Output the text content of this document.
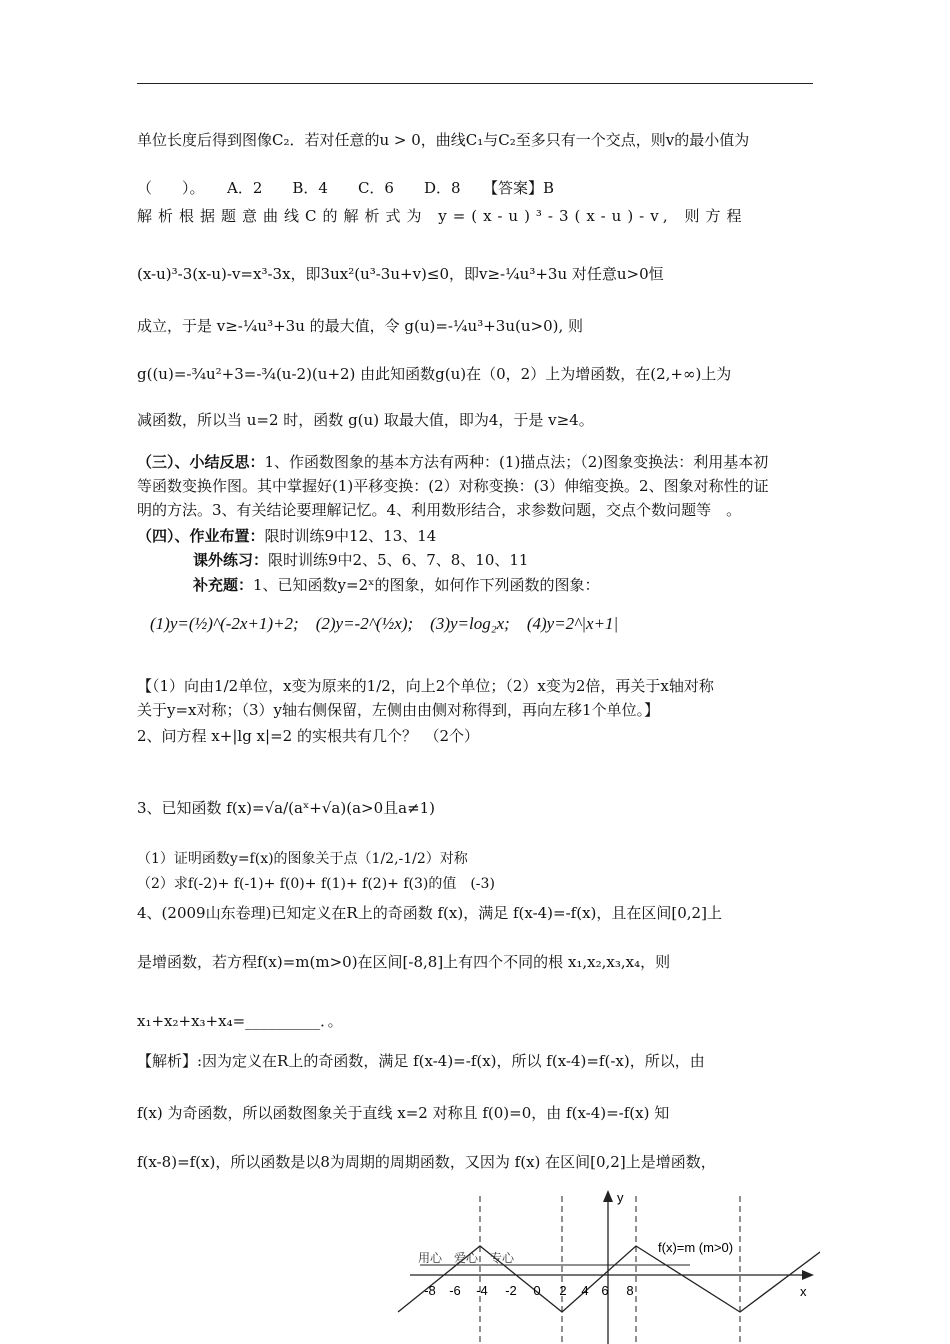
单位长度后得到图像C₂．若对任意的u > 0，曲线C₁与C₂至多只有一个交点，则v的最小值为
（　　）。　　A．2　　B．4　　C．6　　D．8　　【答案】B
解析根据题意曲线C的解析式为 y=(x-u)³-3(x-u)-v, 则方程
(x-u)³-3(x-u)-v=x³-3x，即3ux²(u³-3u+v)≤0，即v≥-¼u³+3u 对任意u>0恒
成立，于是 v≥-¼u³+3u 的最大值，令 g(u)=-¼u³+3u(u>0), 则
g((u)=-¾u²+3=-¾(u-2)(u+2) 由此知函数g(u)在（0，2）上为增函数，在(2,+∞)上为
减函数，所以当 u=2 时，函数 g(u) 取最大值，即为4，于是 v≥4。
（三）、小结反思：1、作函数图象的基本方法有两种：(1)描点法；（2)图象变换法：利用基本初
等函数变换作图。其中掌握好(1)平移变换：(2）对称变换：(3）伸缩变换。2、图象对称性的证
明的方法。3、有关结论要理解记忆。4、利用数形结合，求参数问题，交点个数问题等　。
（四）、作业布置：限时训练9中12、13、14
课外练习：限时训练9中2、5、6、7、8、10、11
补充题：1、已知函数y=2ˣ的图象，如何作下列函数的图象：
(1)y=(½)^(-2x+1)+2;　(2)y=-2^(½x);　(3)y=log₂x;　(4)y=2^|x+1|
【（1）向由1/2单位，x变为原来的1/2，向上2个单位；（2）x变为2倍，再关于x轴对称
关于y=x对称；（3）y轴右侧保留，左侧由由侧对称得到，再向左移1个单位。】
2、问方程 x+|lg x|=2 的实根共有几个？　（2个）
3、已知函数 f(x)=√a/(aˣ+√a)(a>0且a≠1)
（1）证明函数y=f(x)的图象关于点（1/2,-1/2）对称
（2）求f(-2)+ f(-1)+ f(0)+ f(1)+ f(2)+ f(3)的值　(-3)
4、(2009山东卷理)已知定义在R上的奇函数 f(x)，满足 f(x-4)=-f(x)，且在区间[0,2]上
是增函数，若方程f(x)=m(m>0)在区间[-8,8]上有四个不同的根 x₁,x₂,x₃,x₄，则
x₁+x₂+x₃+x₄=__________．。
【解析】:因为定义在R上的奇函数，满足 f(x-4)=-f(x)，所以 f(x-4)=f(-x)，所以，由
f(x) 为奇函数，所以函数图象关于直线 x=2 对称且 f(0)=0，由 f(x-4)=-f(x) 知
f(x-8)=f(x)，所以函数是以8为周期的周期函数，又因为 f(x) 在区间[0,2]上是增函数，
y
x
f(x)=m (m>0)
用心　爱心　专心
-8 -6 -4 -2 0 2 4 6 8
